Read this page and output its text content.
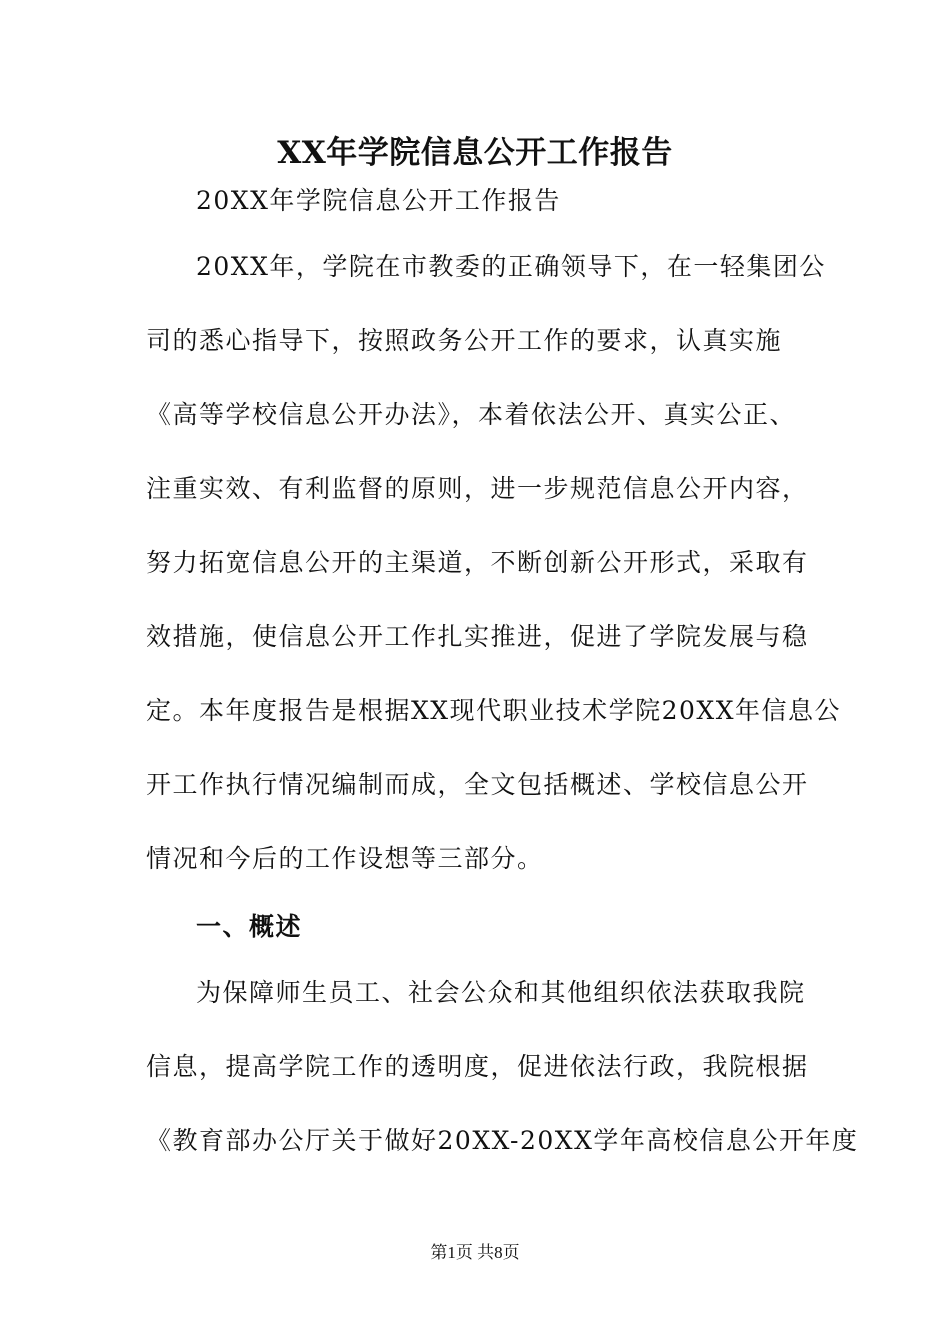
XX年学院信息公开工作报告
20XX年学院信息公开工作报告
20XX年，学院在市教委的正确领导下，在一轻集团公
司的悉心指导下，按照政务公开工作的要求，认真实施
《高等学校信息公开办法》，本着依法公开、真实公正、
注重实效、有利监督的原则，进一步规范信息公开内容，
努力拓宽信息公开的主渠道，不断创新公开形式，采取有
效措施，使信息公开工作扎实推进，促进了学院发展与稳
定。本年度报告是根据XX现代职业技术学院20XX年信息公
开工作执行情况编制而成，全文包括概述、学校信息公开
情况和今后的工作设想等三部分。
一、概述
为保障师生员工、社会公众和其他组织依法获取我院
信息，提高学院工作的透明度，促进依法行政，我院根据
《教育部办公厅关于做好20XX-20XX学年高校信息公开年度
第1页 共8页
